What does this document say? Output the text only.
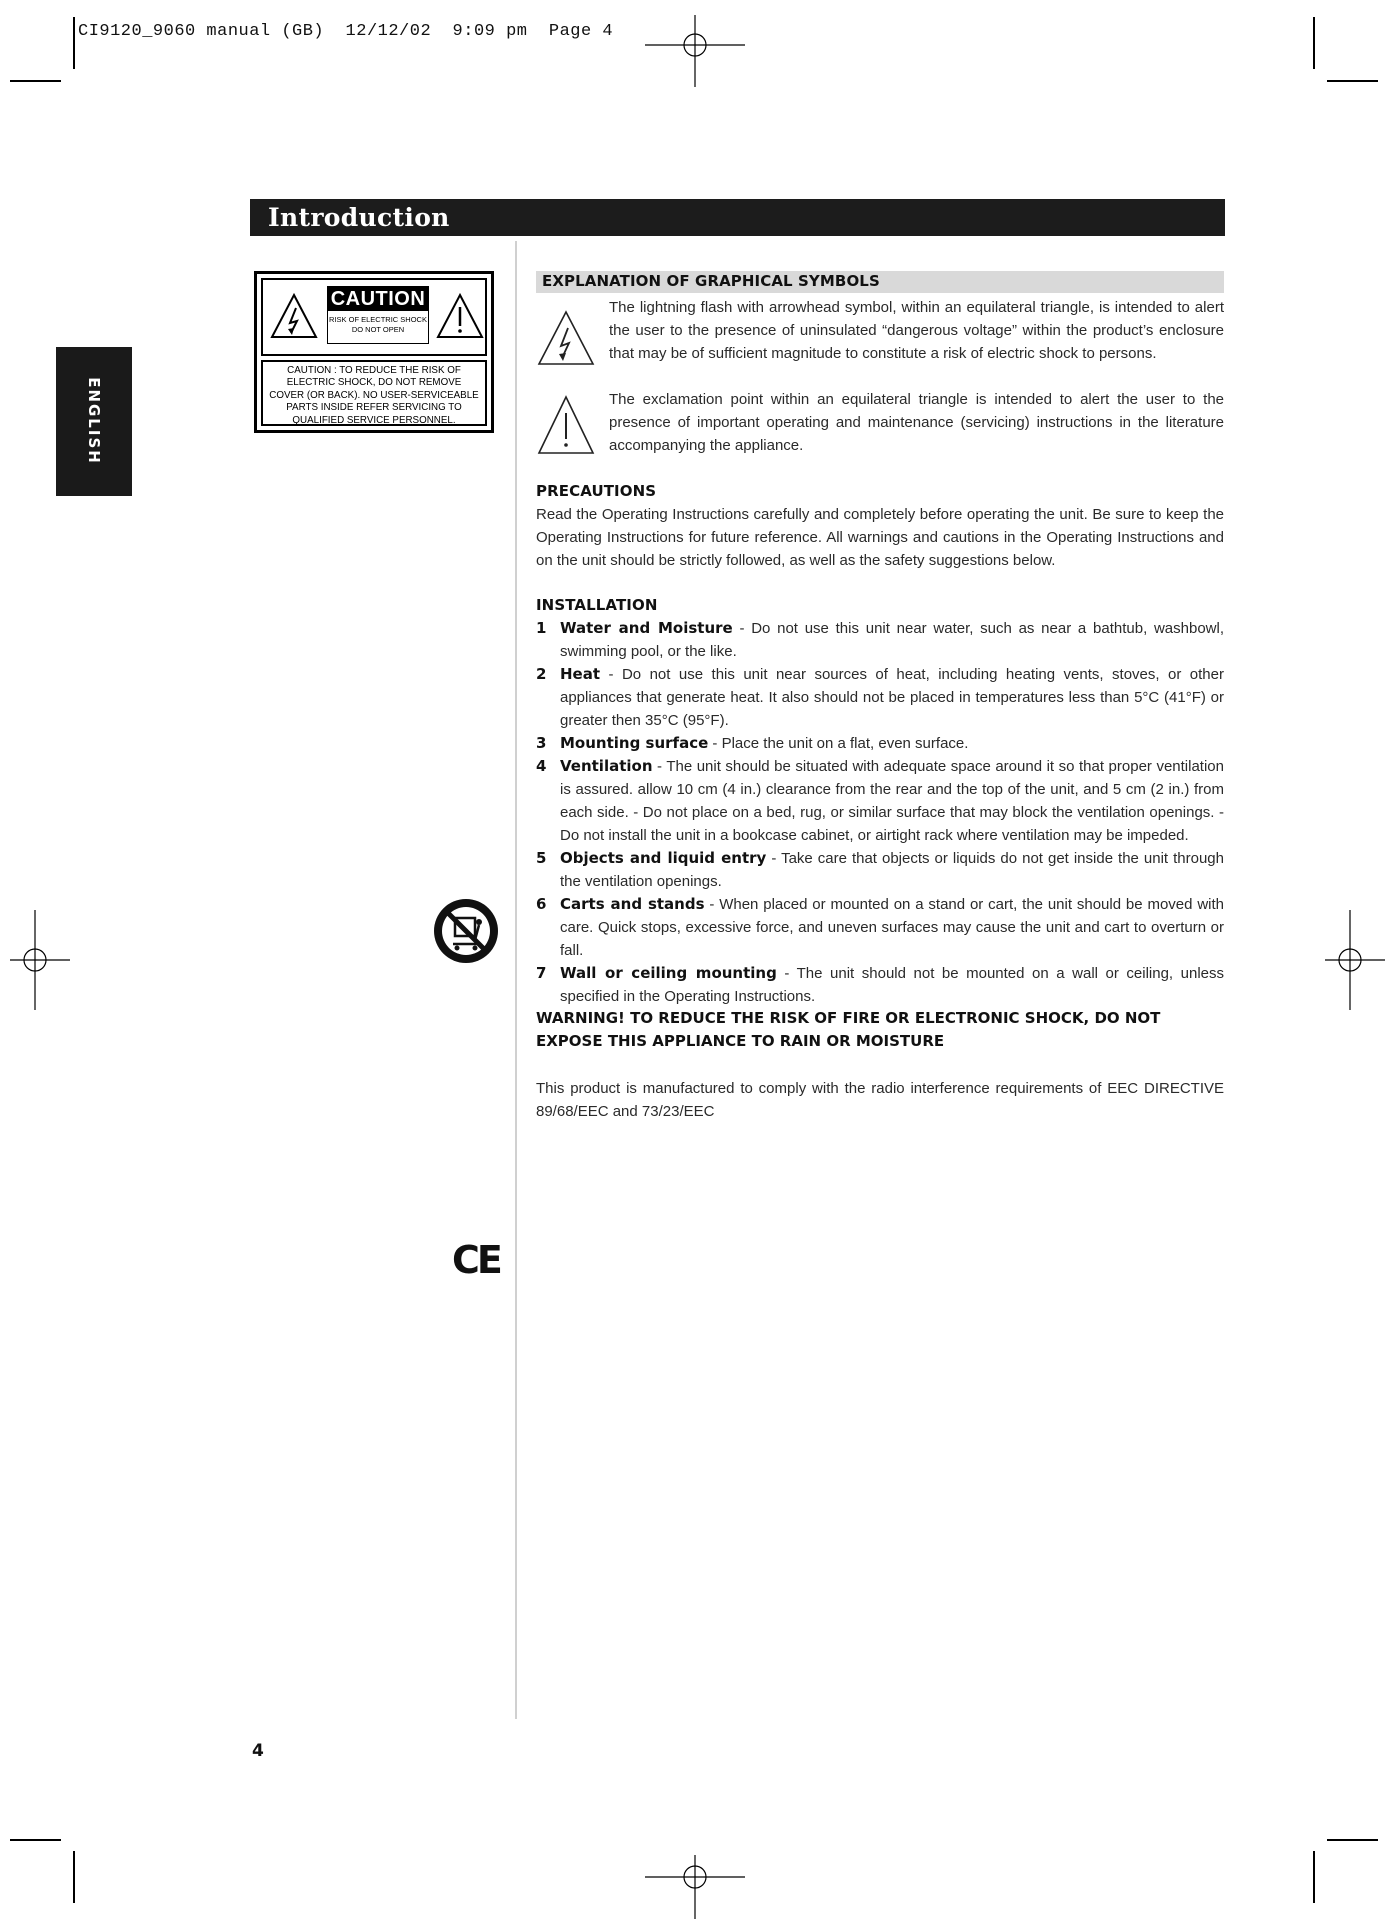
CI9120_9060 manual (GB)  12/12/02  9:09 pm  Page 4
Introduction
ENGLISH
CAUTION
RISK OF ELECTRIC SHOCK
DO NOT OPEN
CAUTION : TO REDUCE THE RISK OF
ELECTRIC SHOCK, DO NOT REMOVE
COVER (OR BACK). NO USER-SERVICEABLE
PARTS INSIDE REFER SERVICING TO
QUALIFIED SERVICE PERSONNEL.
CE
EXPLANATION OF GRAPHICAL SYMBOLS
The lightning flash with arrowhead symbol, within an equilateral triangle, is intended to alert the user to the presence of uninsulated “dangerous voltage” within the product’s enclosure that may be of sufficient magnitude to constitute a risk of electric shock to persons.
The exclamation point within an equilateral triangle is intended to alert the user to the presence of important operating and maintenance (servicing) instructions in the literature accompanying the appliance.
PRECAUTIONS
Read the Operating Instructions carefully and completely before operating the unit. Be sure to keep the Operating Instructions for future reference. All warnings and cautions in the Operating Instructions and on the unit should be strictly followed, as well as the safety suggestions below.
INSTALLATION
1 Water and Moisture - Do not use this unit near water, such as near a bathtub, washbowl, swimming pool, or the like.
2 Heat - Do not use this unit near sources of heat, including heating vents, stoves, or other appliances that generate heat. It also should not be placed in temperatures less than 5°C (41°F) or greater then 35°C (95°F).
3 Mounting surface - Place the unit on a flat, even surface.
4 Ventilation - The unit should be situated with adequate space around it so that proper ventilation is assured. allow 10 cm (4 in.) clearance from the rear and the top of the unit, and 5 cm (2 in.) from each side. - Do not place on a bed, rug, or similar surface that may block the ventilation openings. - Do not install the unit in a bookcase cabinet, or airtight rack where ventilation may be impeded.
5 Objects and liquid entry - Take care that objects or liquids do not get inside the unit through the ventilation openings.
6 Carts and stands - When placed or mounted on a stand or cart, the unit should be moved with care. Quick stops, excessive force, and uneven surfaces may cause the unit and cart to overturn or fall.
7 Wall or ceiling mounting - The unit should not be mounted on a wall or ceiling, unless specified in the Operating Instructions.
WARNING! TO REDUCE THE RISK OF FIRE OR ELECTRONIC SHOCK, DO NOT EXPOSE THIS APPLIANCE TO RAIN OR MOISTURE
This product is manufactured to comply with the radio interference requirements of EEC DIRECTIVE 89/68/EEC and 73/23/EEC
4
